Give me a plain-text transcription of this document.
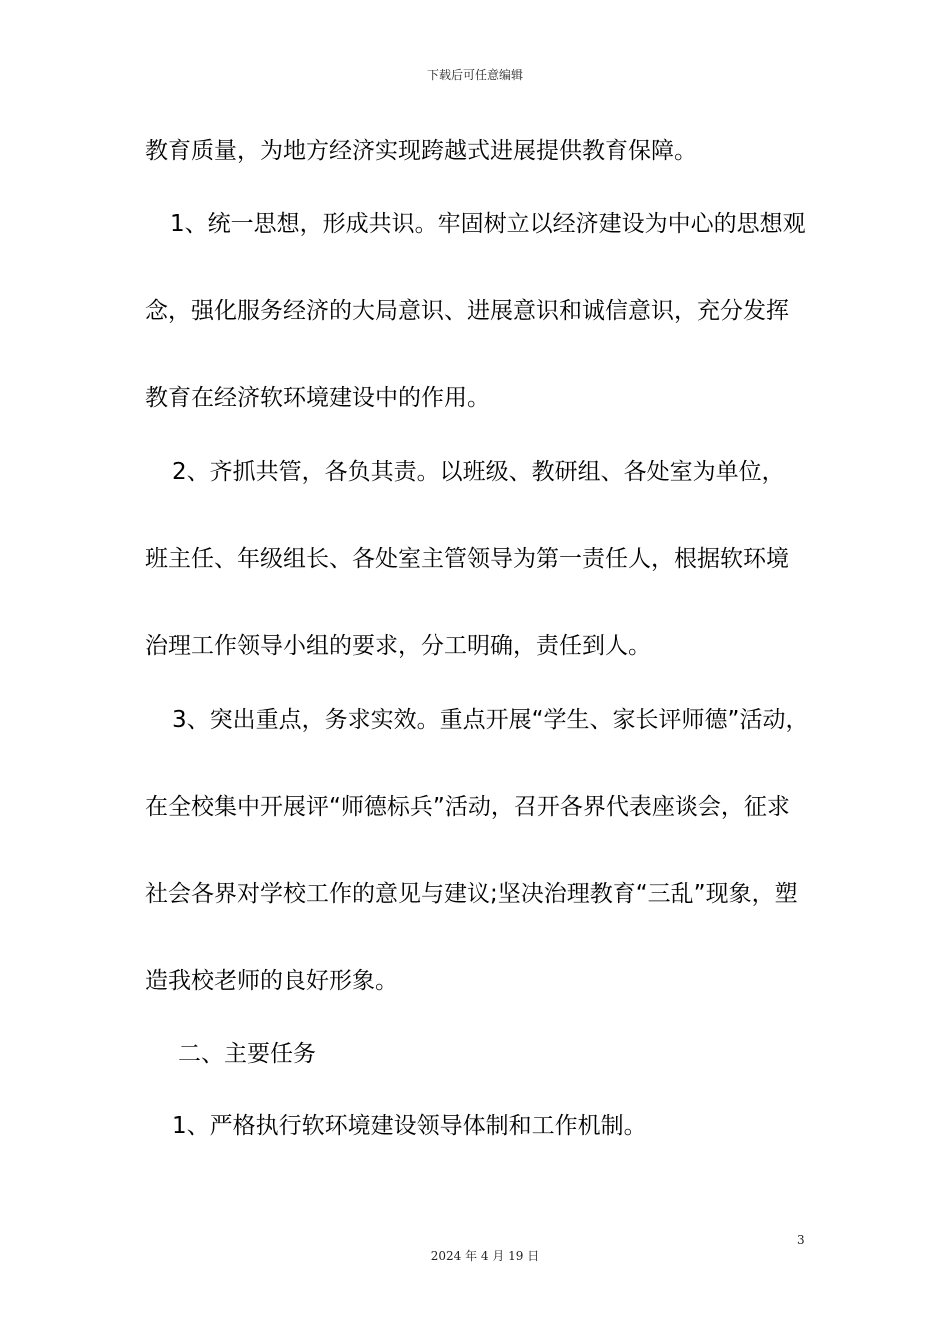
下载后可任意编辑
教育质量，为地方经济实现跨越式进展提供教育保障。
1、统一思想，形成共识。牢固树立以经济建设为中心的思想观
念，强化服务经济的大局意识、进展意识和诚信意识，充分发挥
教育在经济软环境建设中的作用。
2、齐抓共管，各负其责。以班级、教研组、各处室为单位，
班主任、年级组长、各处室主管领导为第一责任人，根据软环境
治理工作领导小组的要求，分工明确，责任到人。
3、突出重点，务求实效。重点开展“学生、家长评师德”活动，
在全校集中开展评“师德标兵”活动，召开各界代表座谈会，征求
社会各界对学校工作的意见与建议;坚决治理教育“三乱”现象，塑
造我校老师的良好形象。
二、主要任务
1、严格执行软环境建设领导体制和工作机制。
3
2024 年 4 月 19 日
